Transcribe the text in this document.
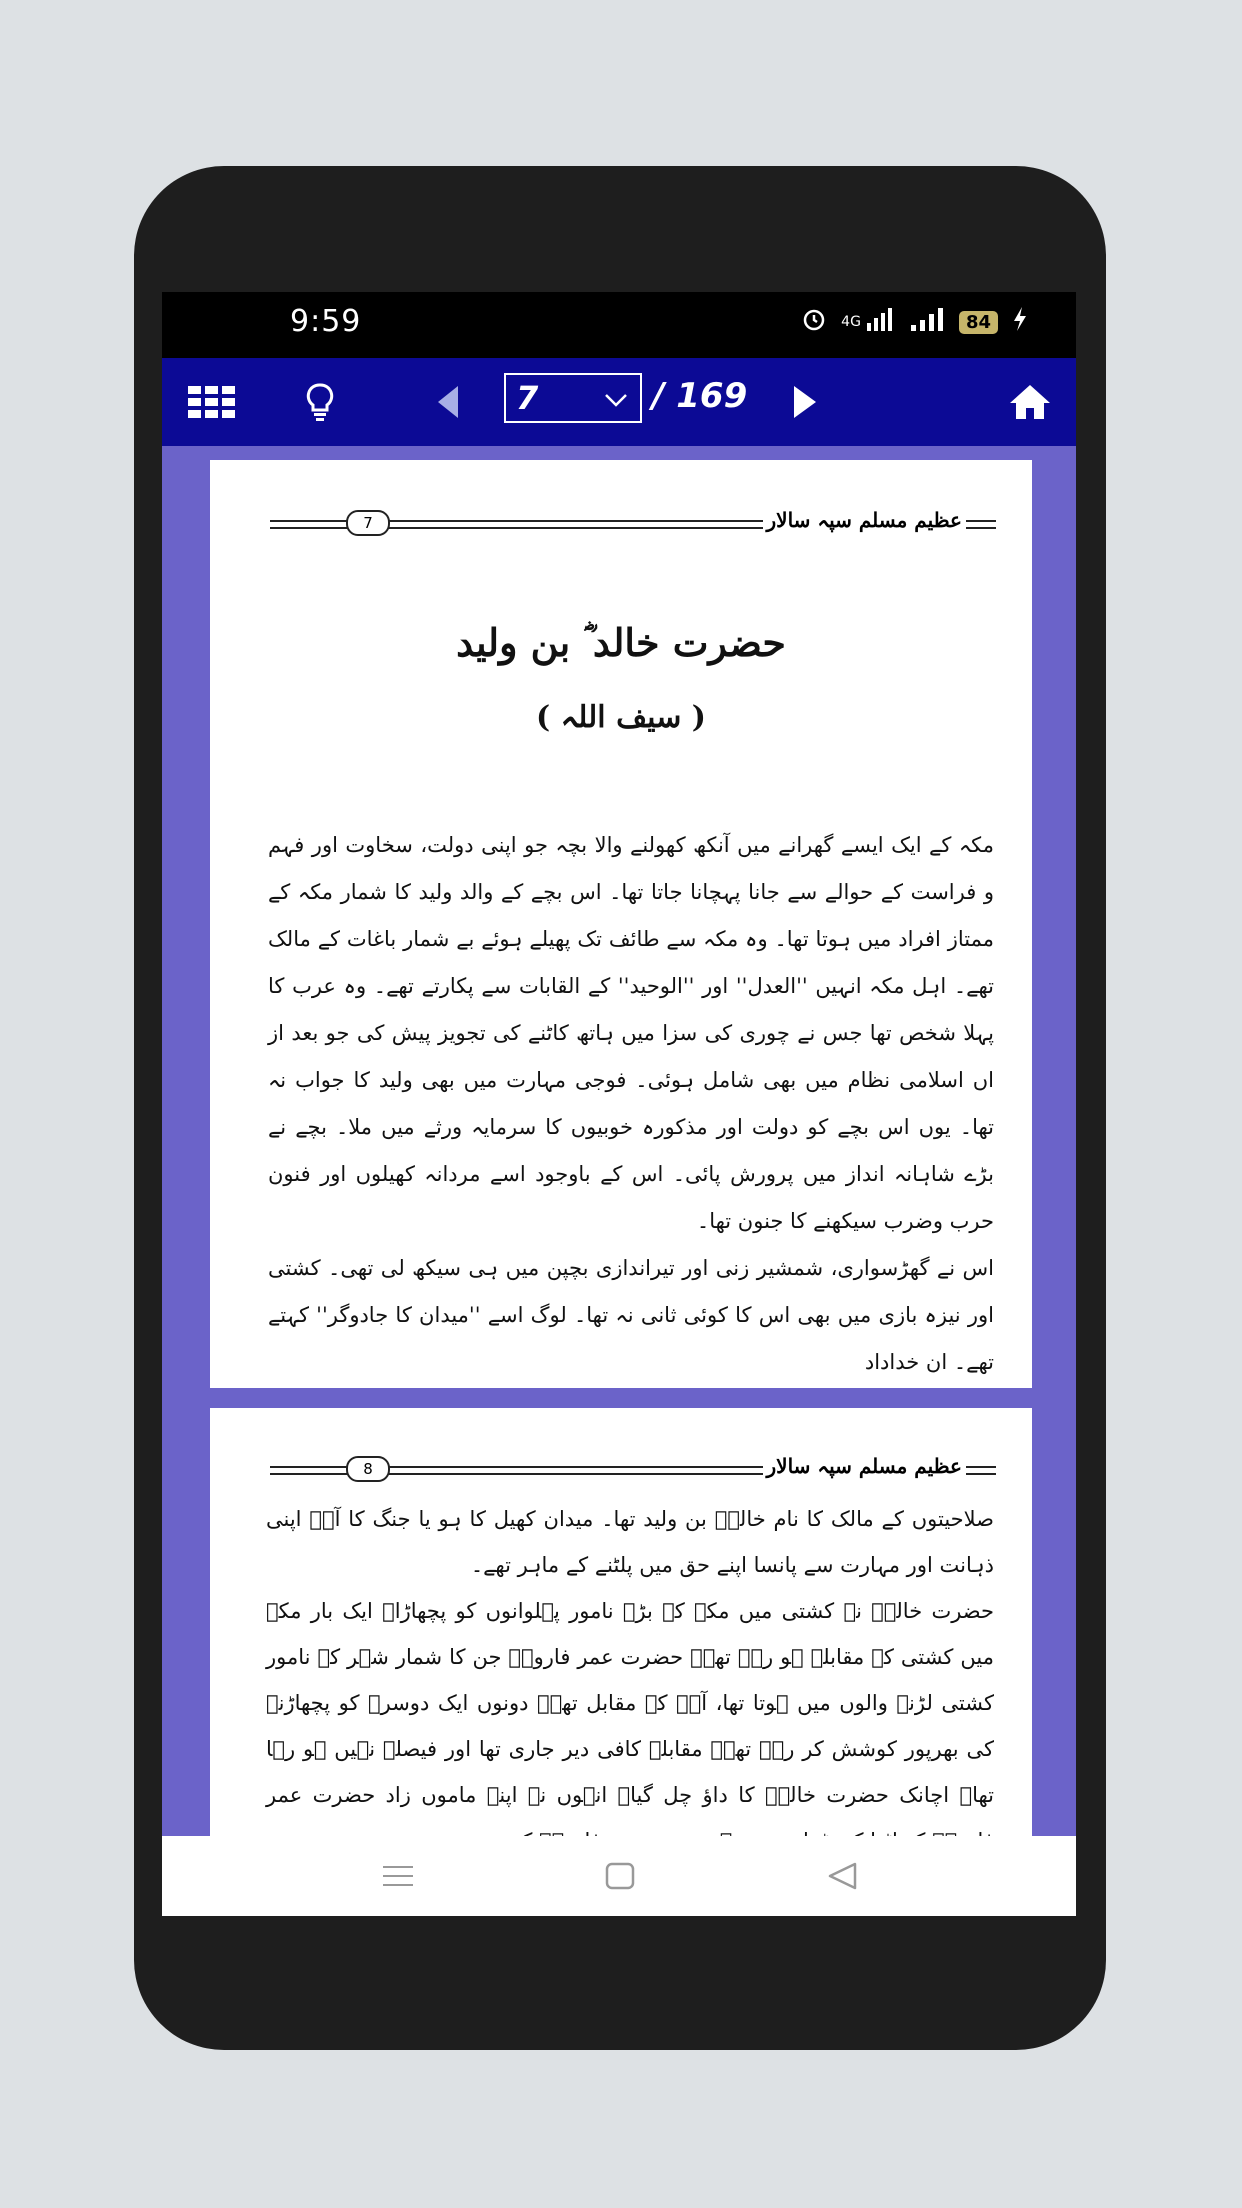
9:59	4G	84
7	/ 169
7	عظیم مسلم سپہ سالار
حضرت خالد ؓ بن ولید
( سیف اللہ )

مکہ کے ایک ایسے گھرانے میں آنکھ کھولنے والا بچہ جو اپنی دولت، سخاوت اور فہم و فراست کے حوالے سے جانا پہچانا جاتا تھا۔ اس بچے کے والد ولید کا شمار مکہ کے ممتاز افراد میں ہوتا تھا۔ وہ مکہ سے طائف تک پھیلے ہوئے بے شمار باغات کے مالک تھے۔ اہل مکہ انہیں ''العدل'' اور ''الوحید'' کے القابات سے پکارتے تھے۔ وہ عرب کا پہلا شخص تھا جس نے چوری کی سزا میں ہاتھ کاٹنے کی تجویز پیش کی جو بعد از اں اسلامی نظام میں بھی شامل ہوئی۔ فوجی مہارت میں بھی ولید کا جواب نہ تھا۔ یوں اس بچے کو دولت اور مذکورہ خوبیوں کا سرمایہ ورثے میں ملا۔ بچے نے بڑے شاہانہ انداز میں پرورش پائی۔ اس کے باوجود اسے مردانہ کھیلوں اور فنون حرب وضرب سیکھنے کا جنون تھا۔

اس نے گھڑسواری، شمشیر زنی اور تیراندازی بچپن میں ہی سیکھ لی تھی۔ کشتی اور نیزہ بازی میں بھی اس کا کوئی ثانی نہ تھا۔ لوگ اسے ''میدان کا جادوگر'' کہتے تھے۔ ان خداداد

8	عظیم مسلم سپہ سالار

صلاحیتوں کے مالک کا نام خالدؓ بن ولید تھا۔ میدان کھیل کا ہو یا جنگ کا آپؓ اپنی ذہانت اور مہارت سے پانسا اپنے حق میں پلٹنے کے ماہر تھے۔

حضرت خالدؓ نے کشتی میں مکہ کے بڑے نامور پہلوانوں کو پچھاڑا۔ ایک بار مکہ میں کشتی کے مقابلے ہو رہے تھے۔ حضرت عمر فاروقؓ جن کا شمار شہر کے نامور کشتی لڑنے والوں میں ہوتا تھا، آپؓ کے مقابل تھے۔ دونوں ایک دوسرے کو پچھاڑنے کی بھرپور کوشش کر رہے تھے۔ مقابلہ کافی دیر جاری تھا اور فیصلہ نہیں ہو رہا تھا۔ اچانک حضرت خالدؓ کا داؤ چل گیا۔ انہوں نے اپنے ماموں زاد حضرت عمر
